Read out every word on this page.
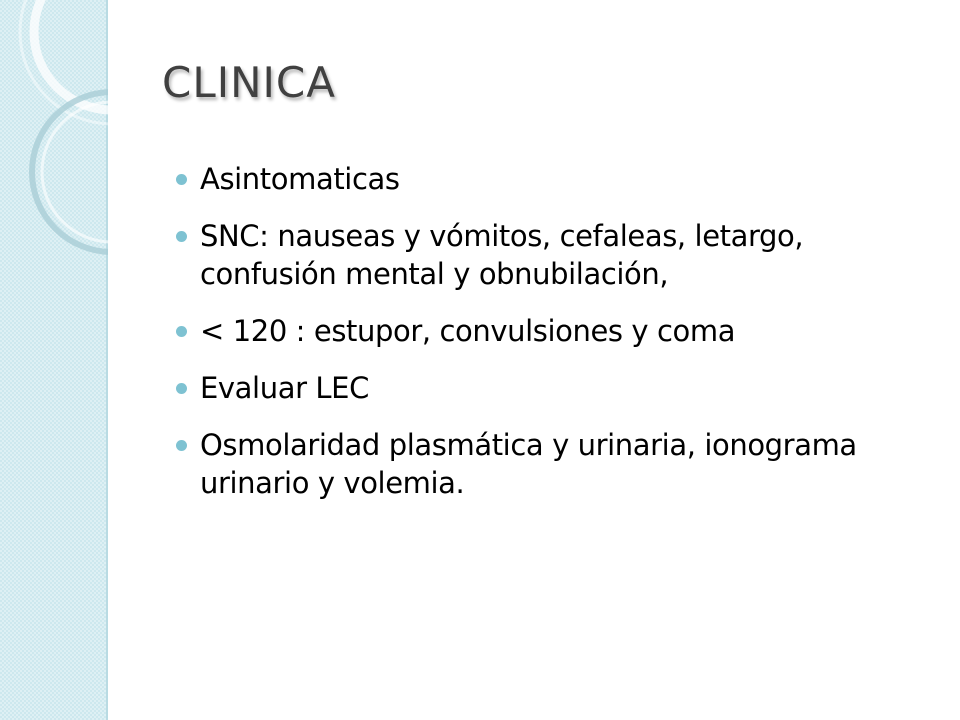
CLINICA
Asintomaticas
SNC: nauseas y vómitos, cefaleas, letargo, confusión mental y obnubilación,
< 120 : estupor, convulsiones y coma
Evaluar LEC
Osmolaridad plasmática y urinaria, ionograma urinario y volemia.
